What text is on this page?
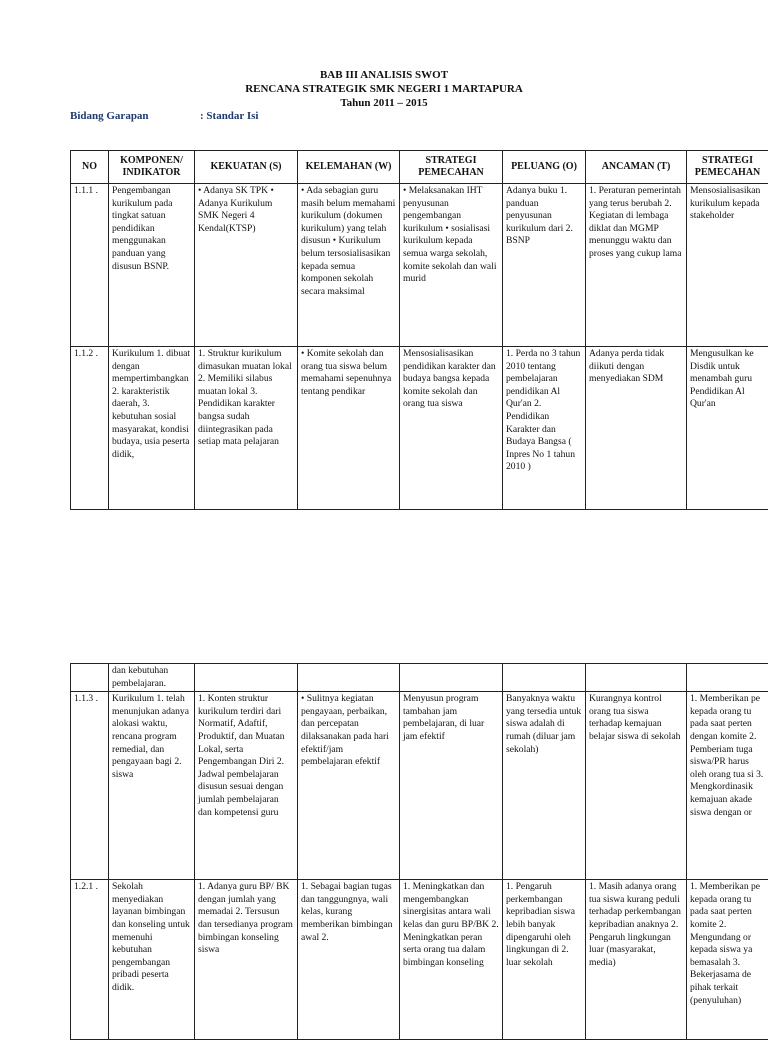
BAB III ANALISIS SWOT
RENCANA STRATEGIK SMK NEGERI 1 MARTAPURA
Tahun 2011 – 2015
Bidang Garapan	: Standar Isi
NO	KOMPONEN/ INDIKATOR	KEKUATAN (S)	KELEMAHAN (W)	STRATEGI PEMECAHAN	PELUANG (O)	ANCAMAN (T)	STRATEGI PEMECAHAN
1.1.1 .	Pengembangan kurikulum pada tingkat satuan pendidikan menggunakan panduan yang disusun BSNP.	• Adanya SK TPK • Adanya Kurikulum SMK Negeri 4 Kendal(KTSP)	• Ada sebagian guru masih belum memahami kurikulum (dokumen kurikulum) yang telah disusun • Kurikulum belum tersosialisasikan kepada semua komponen sekolah secara maksimal	• Melaksanakan IHT penyusunan pengembangan kurikulum • sosialisasi kurikulum kepada semua warga sekolah, komite sekolah dan wali murid	Adanya buku 1. panduan penyusunan kurikulum dari 2. BSNP	1. Peraturan pemerintah yang terus berubah 2. Kegiatan di lembaga diklat dan MGMP menunggu waktu dan proses yang cukup lama	Mensosialisasikan kurikulum kepada stakeholder
1.1.2 .	Kurikulum 1. dibuat dengan mempertimbangkan 2. karakteristik daerah, 3. kebutuhan sosial masyarakat, kondisi budaya, usia peserta didik,	1. Struktur kurikulum dimasukan muatan lokal 2. Memiliki silabus muatan lokal 3. Pendidikan karakter bangsa sudah diintegrasikan pada setiap mata pelajaran	• Komite sekolah dan orang tua siswa belum memahami sepenuhnya tentang pendikar	Mensosialisasikan pendidikan karakter dan budaya bangsa kepada komite sekolah dan orang tua siswa	1. Perda no 3 tahun 2010 tentang pembelajaran pendidikan Al Qur'an 2. Pendidikan Karakter dan Budaya Bangsa ( Inpres No 1 tahun 2010 )	Adanya perda tidak diikuti dengan menyediakan SDM	Mengusulkan ke Disdik untuk menambah guru Pendidikan Al Qur'an
	dan kebutuhan pembelajaran.						
1.1.3 .	Kurikulum 1. telah menunjukan adanya alokasi waktu, rencana program remedial, dan pengayaan bagi 2. siswa	1. Konten struktur kurikulum terdiri dari Normatif, Adaftif, Produktif, dan Muatan Lokal, serta Pengembangan Diri 2. Jadwal pembelajaran disusun sesuai dengan jumlah pembelajaran dan kompetensi guru	• Sulitnya kegiatan pengayaan, perbaikan, dan percepatan dilaksanakan pada hari efektif/jam pembelajaran efektif	Menyusun program tambahan jam pembelajaran, di luar jam efektif	Banyaknya waktu yang tersedia untuk siswa adalah di rumah (diluar jam sekolah)	Kurangnya kontrol orang tua siswa terhadap kemajuan belajar siswa di sekolah	1. Memberikan pe kepada orang tu pada saat perten dengan komite 2. Pemberiam tuga siswa/PR harus oleh orang tua si 3. Mengkordinasik kemajuan akade siswa dengan or
1.2.1 .	Sekolah menyediakan layanan bimbingan dan konseling untuk memenuhi kebutuhan pengembangan pribadi peserta didik.	1. Adanya guru BP/ BK dengan jumlah yang memadai 2. Tersusun dan tersedianya program bimbingan konseling siswa	1. Sebagai bagian tugas dan tanggungnya, wali kelas, kurang memberikan bimbingan awal 2.	1. Meningkatkan dan mengembangkan sinergisitas antara wali kelas dan guru BP/BK 2. Meningkatkan peran serta orang tua dalam bimbingan konseling	1. Pengaruh perkembangan kepribadian siswa lebih banyak dipengaruhi oleh lingkungan di 2. luar sekolah	1. Masih adanya orang tua siswa kurang peduli terhadap perkembangan kepribadian anaknya 2. Pengaruh lingkungan luar (masyarakat, media)	1. Memberikan pe kepada orang tu pada saat perten komite 2. Mengundang or kepada siswa ya bemasalah 3. Bekerjasama de pihak terkait (penyuluhan)
